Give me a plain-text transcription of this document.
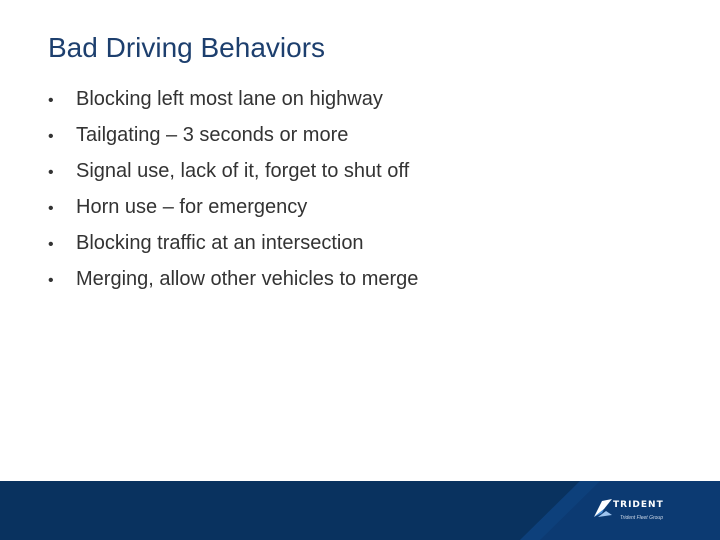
Bad Driving Behaviors
•	Blocking left most lane on highway
•	Tailgating – 3 seconds or more
•	Signal use, lack of it, forget to shut off
•	Horn use – for emergency
•	Blocking traffic at an intersection
•	Merging, allow other vehicles to merge
TRIDENT
Trident Fleet Group
